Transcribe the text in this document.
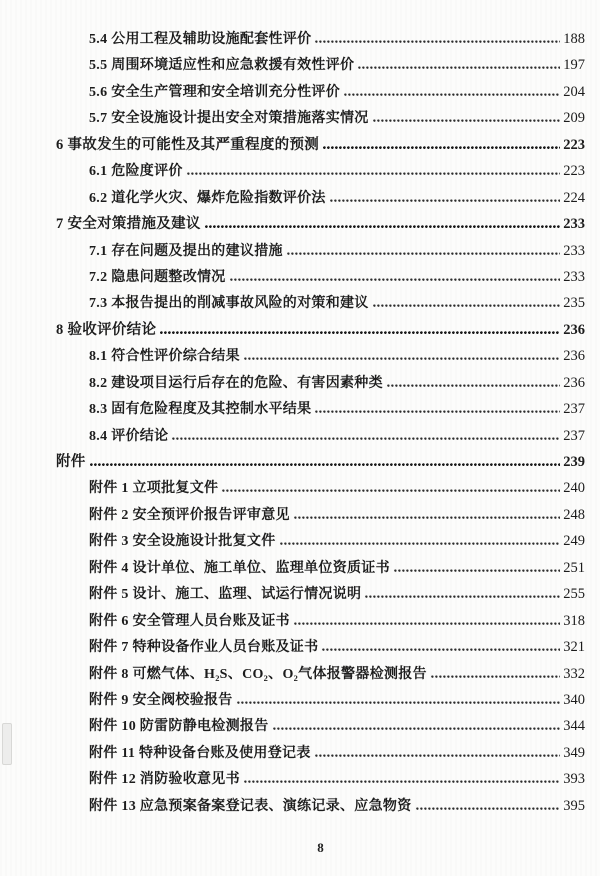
5.4 公用工程及辅助设施配套性评价	188
5.5 周围环境适应性和应急救援有效性评价	197
5.6 安全生产管理和安全培训充分性评价	204
5.7 安全设施设计提出安全对策措施落实情况	209
6 事故发生的可能性及其严重程度的预测	223
6.1 危险度评价	223
6.2 道化学火灾、爆炸危险指数评价法	224
7 安全对策措施及建议	233
7.1 存在问题及提出的建议措施	233
7.2 隐患问题整改情况	233
7.3 本报告提出的削减事故风险的对策和建议	235
8 验收评价结论	236
8.1 符合性评价综合结果	236
8.2 建设项目运行后存在的危险、有害因素种类	236
8.3 固有危险程度及其控制水平结果	237
8.4 评价结论	237
附件	239
附件 1 立项批复文件	240
附件 2 安全预评价报告评审意见	248
附件 3 安全设施设计批复文件	249
附件 4 设计单位、施工单位、监理单位资质证书	251
附件 5 设计、施工、监理、试运行情况说明	255
附件 6 安全管理人员台账及证书	318
附件 7 特种设备作业人员台账及证书	321
附件 8 可燃气体、H₂S、CO₂、O₂气体报警器检测报告	332
附件 9 安全阀校验报告	340
附件 10 防雷防静电检测报告	344
附件 11 特种设备台账及使用登记表	349
附件 12 消防验收意见书	393
附件 13 应急预案备案登记表、演练记录、应急物资	395
8
